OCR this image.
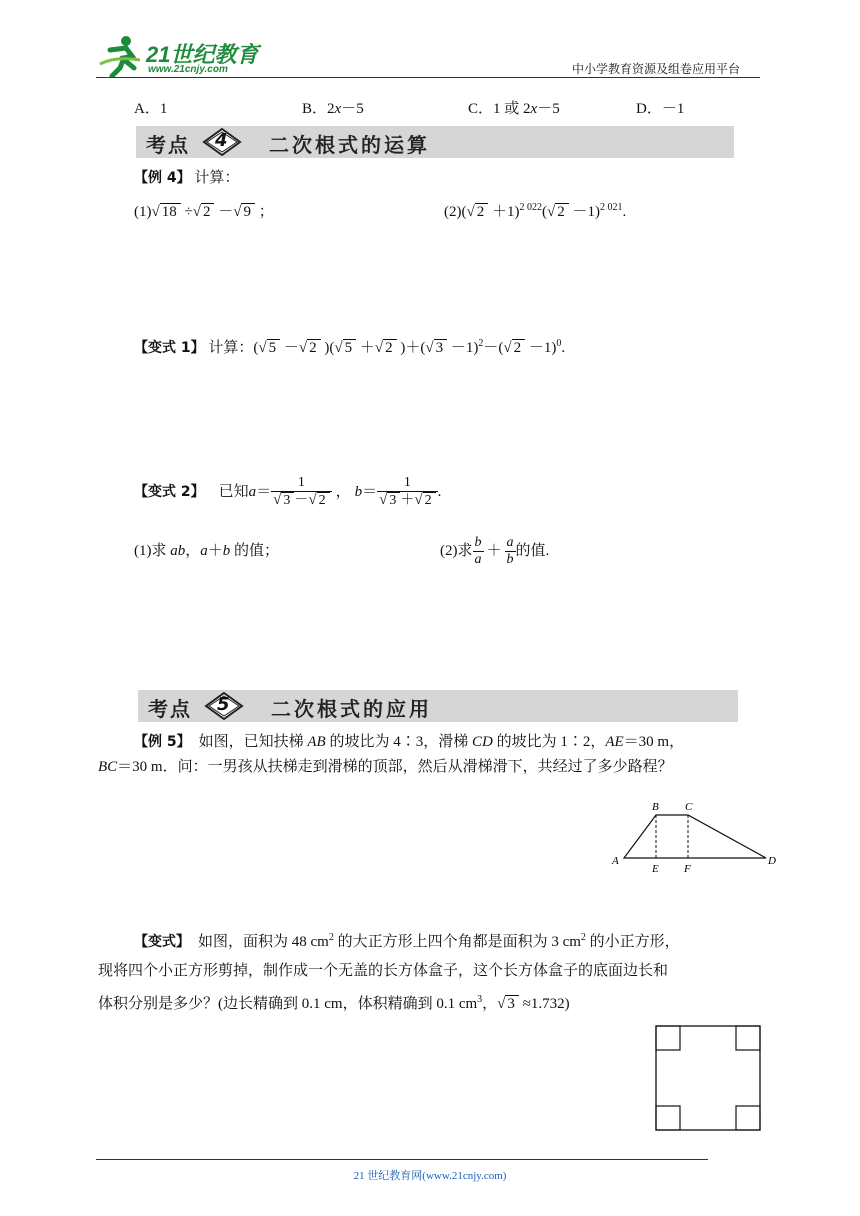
21世纪教育
www.21cnjy.com	中小学教育资源及组卷应用平台
A．1	B．2x－5	C．1 或 2x－5	D．－1
考点 4 二次根式的运算
【例 4】 计算：
(1)√ 18 ÷√ 2 －√ 9 ；	(2)(√ 2 ＋1)$^{2 022}$(√ 2 －1)$^{2 021}$.
【变式 1】 计算：(√ 5 －√ 2 )(√ 5 ＋√ 2 )＋(√ 3 －1)$^2$－(√ 2 －1)$^0$.
【变式 2】 已知 $a = \frac{1}{√ 3 -√ 2}$ ， $b = \frac{1}{√ 3 +√ 2}$ .
(1)求 ab，a＋b 的值；	(2)求 $\frac{b}{a} + \frac{a}{b}$ 的值.
考点 5 二次根式的应用
【例 5】 如图，已知扶梯 AB 的坡比为 4∶3，滑梯 CD 的坡比为 1∶2，AE＝30 m，
BC＝30 m．问：一男孩从扶梯走到滑梯的顶部，然后从滑梯滑下，共经过了多少路程？
A
B C
D
E F
【变式】 如图，面积为 48 $cm^2$ 的大正方形上四个角都是面积为 3 $cm^2$ 的小正方形，
现将四个小正方形剪掉，制作成一个无盖的长方体盒子，这个长方体盒子的底面边长和
体积分别是多少？(边长精确到 0.1 cm，体积精确到 0.1 $cm^3$，√ 3 ≈1.732)
21 世纪教育网(www.21cnjy.com)
